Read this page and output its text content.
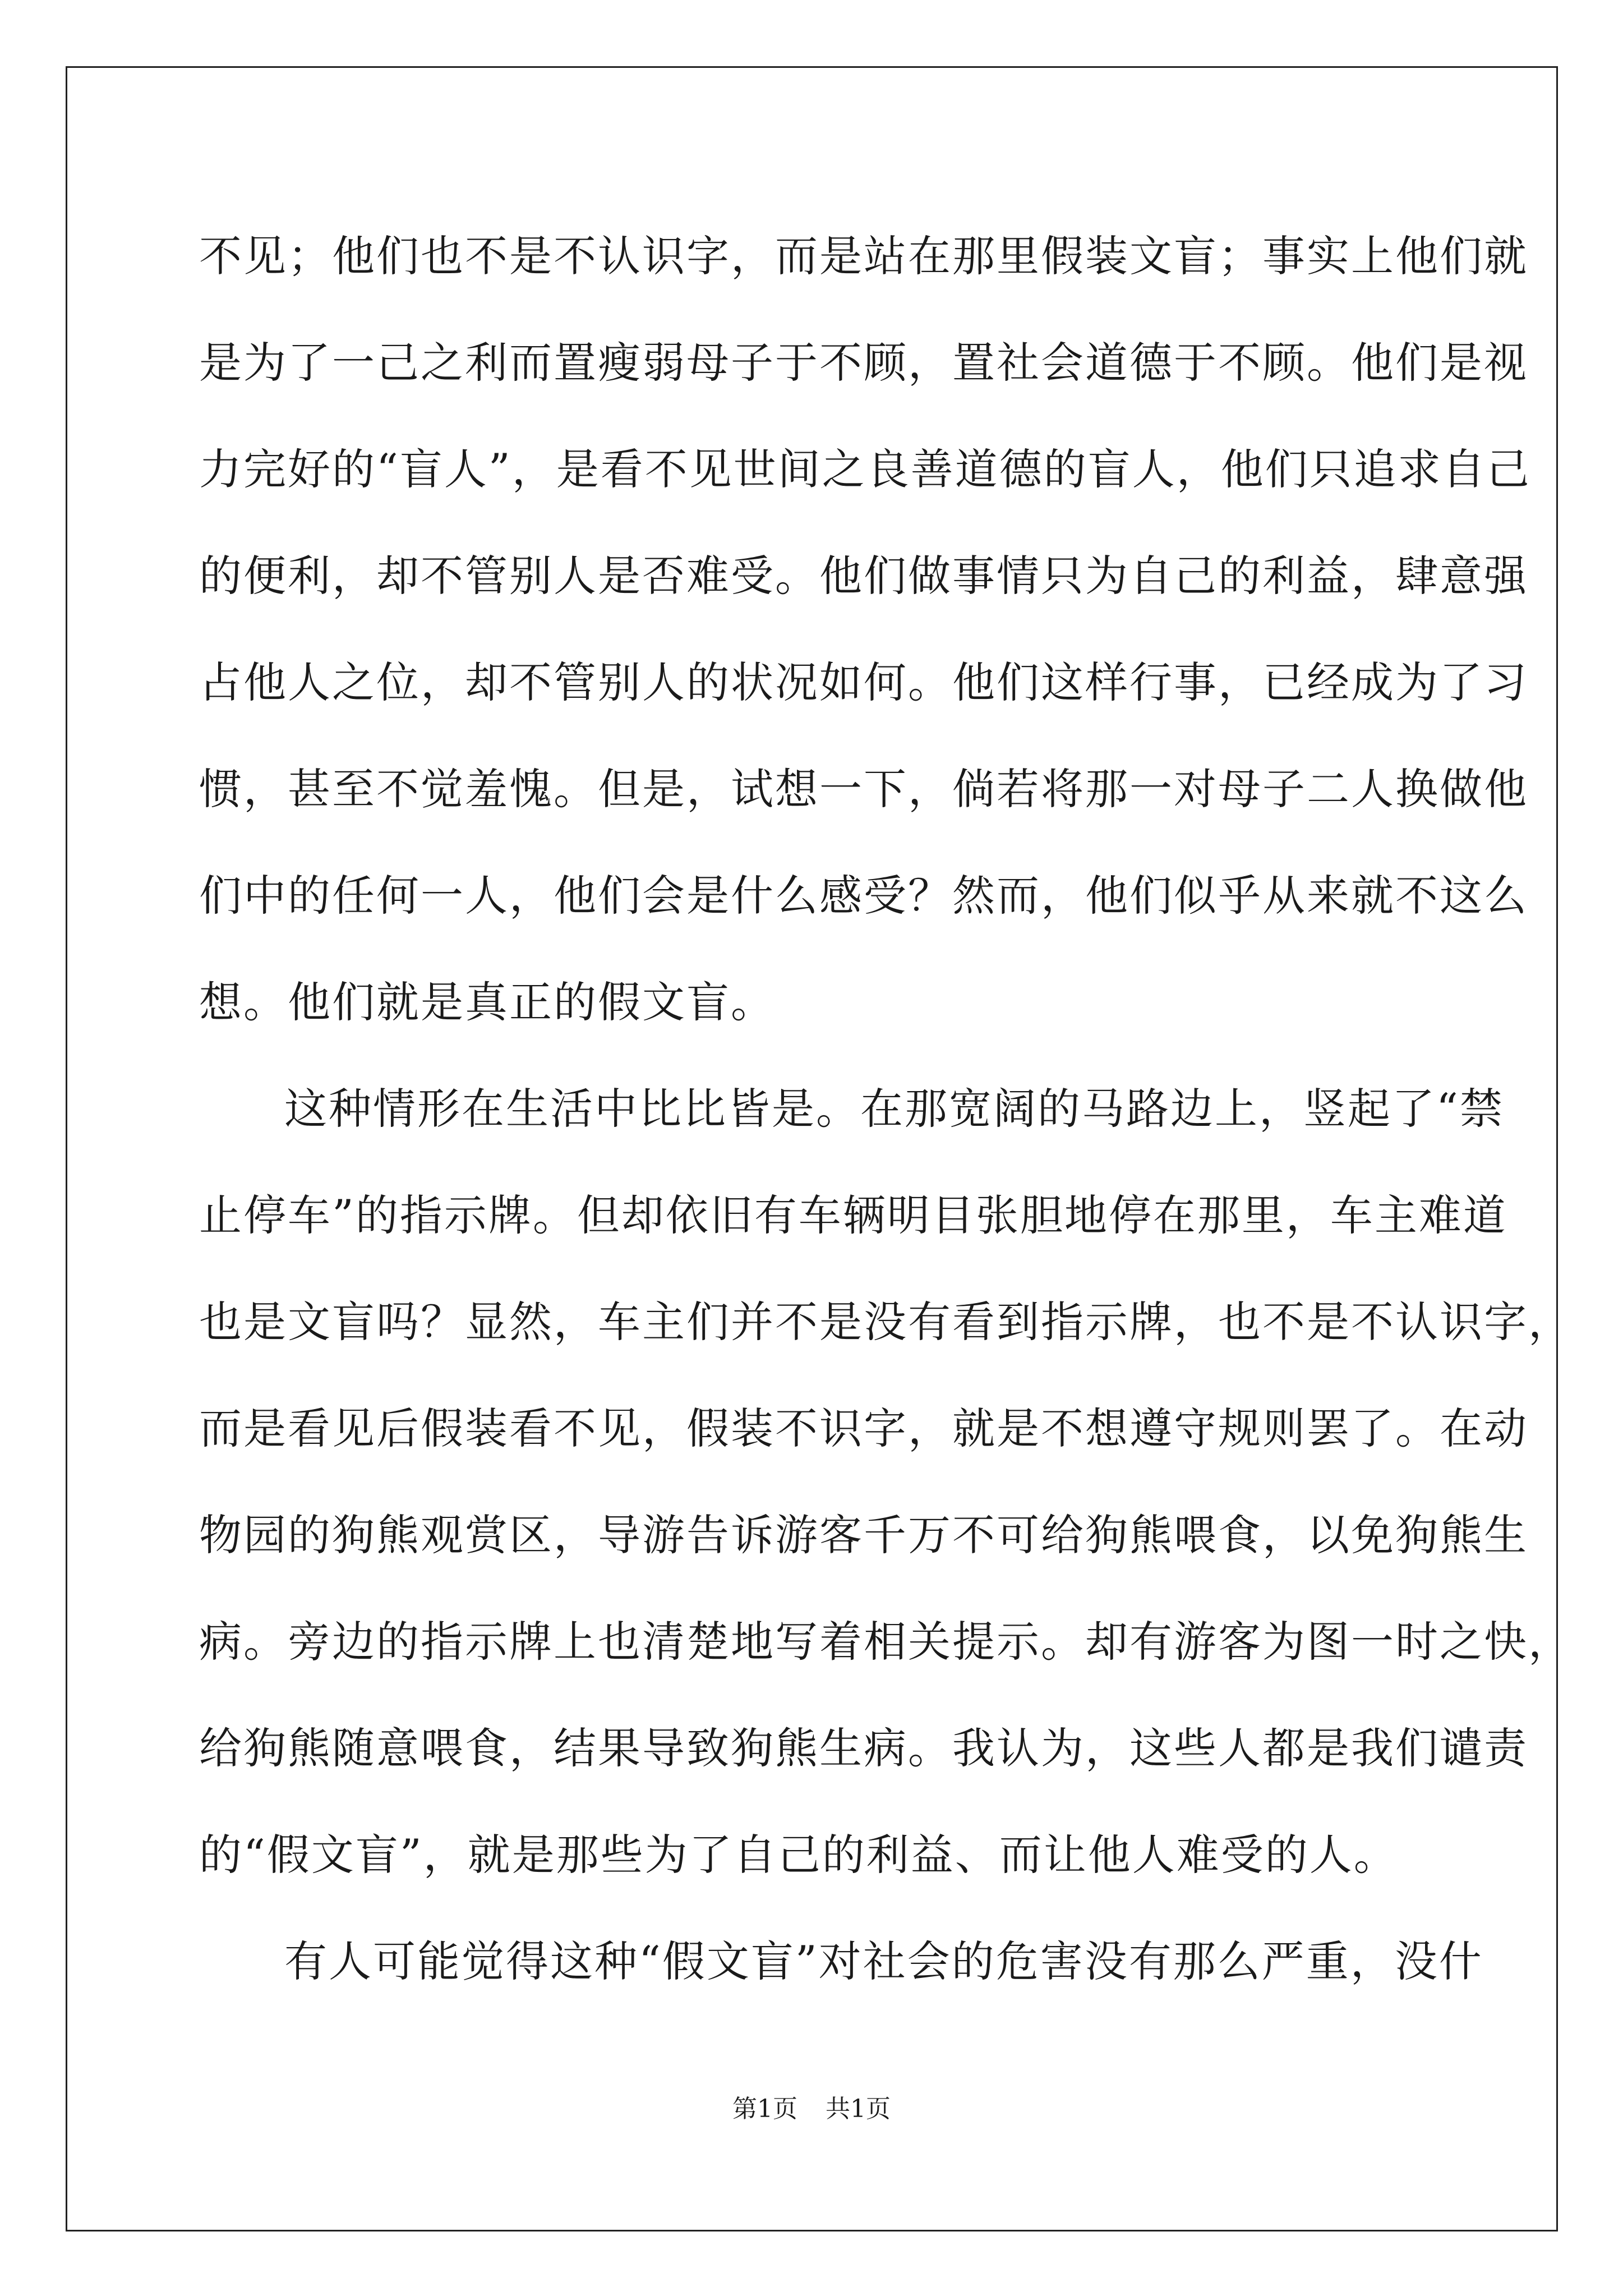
不见；他们也不是不认识字，而是站在那里假装文盲；事实上他们就
是为了一己之利而置瘦弱母子于不顾，置社会道德于不顾。他们是视
力完好的“盲人”，是看不见世间之良善道德的盲人，他们只追求自己
的便利，却不管别人是否难受。他们做事情只为自己的利益，肆意强
占他人之位，却不管别人的状况如何。他们这样行事，已经成为了习
惯，甚至不觉羞愧。但是，试想一下，倘若将那一对母子二人换做他
们中的任何一人，他们会是什么感受？然而，他们似乎从来就不这么
想。他们就是真正的假文盲。
这种情形在生活中比比皆是。在那宽阔的马路边上，竖起了“禁
止停车”的指示牌。但却依旧有车辆明目张胆地停在那里，车主难道
也是文盲吗？显然，车主们并不是没有看到指示牌，也不是不认识字，
而是看见后假装看不见，假装不识字，就是不想遵守规则罢了。在动
物园的狗熊观赏区，导游告诉游客千万不可给狗熊喂食，以免狗熊生
病。旁边的指示牌上也清楚地写着相关提示。却有游客为图一时之快，
给狗熊随意喂食，结果导致狗熊生病。我认为，这些人都是我们谴责
的“假文盲”，就是那些为了自己的利益、而让他人难受的人。
有人可能觉得这种“假文盲”对社会的危害没有那么严重，没什
第1页 共1页
